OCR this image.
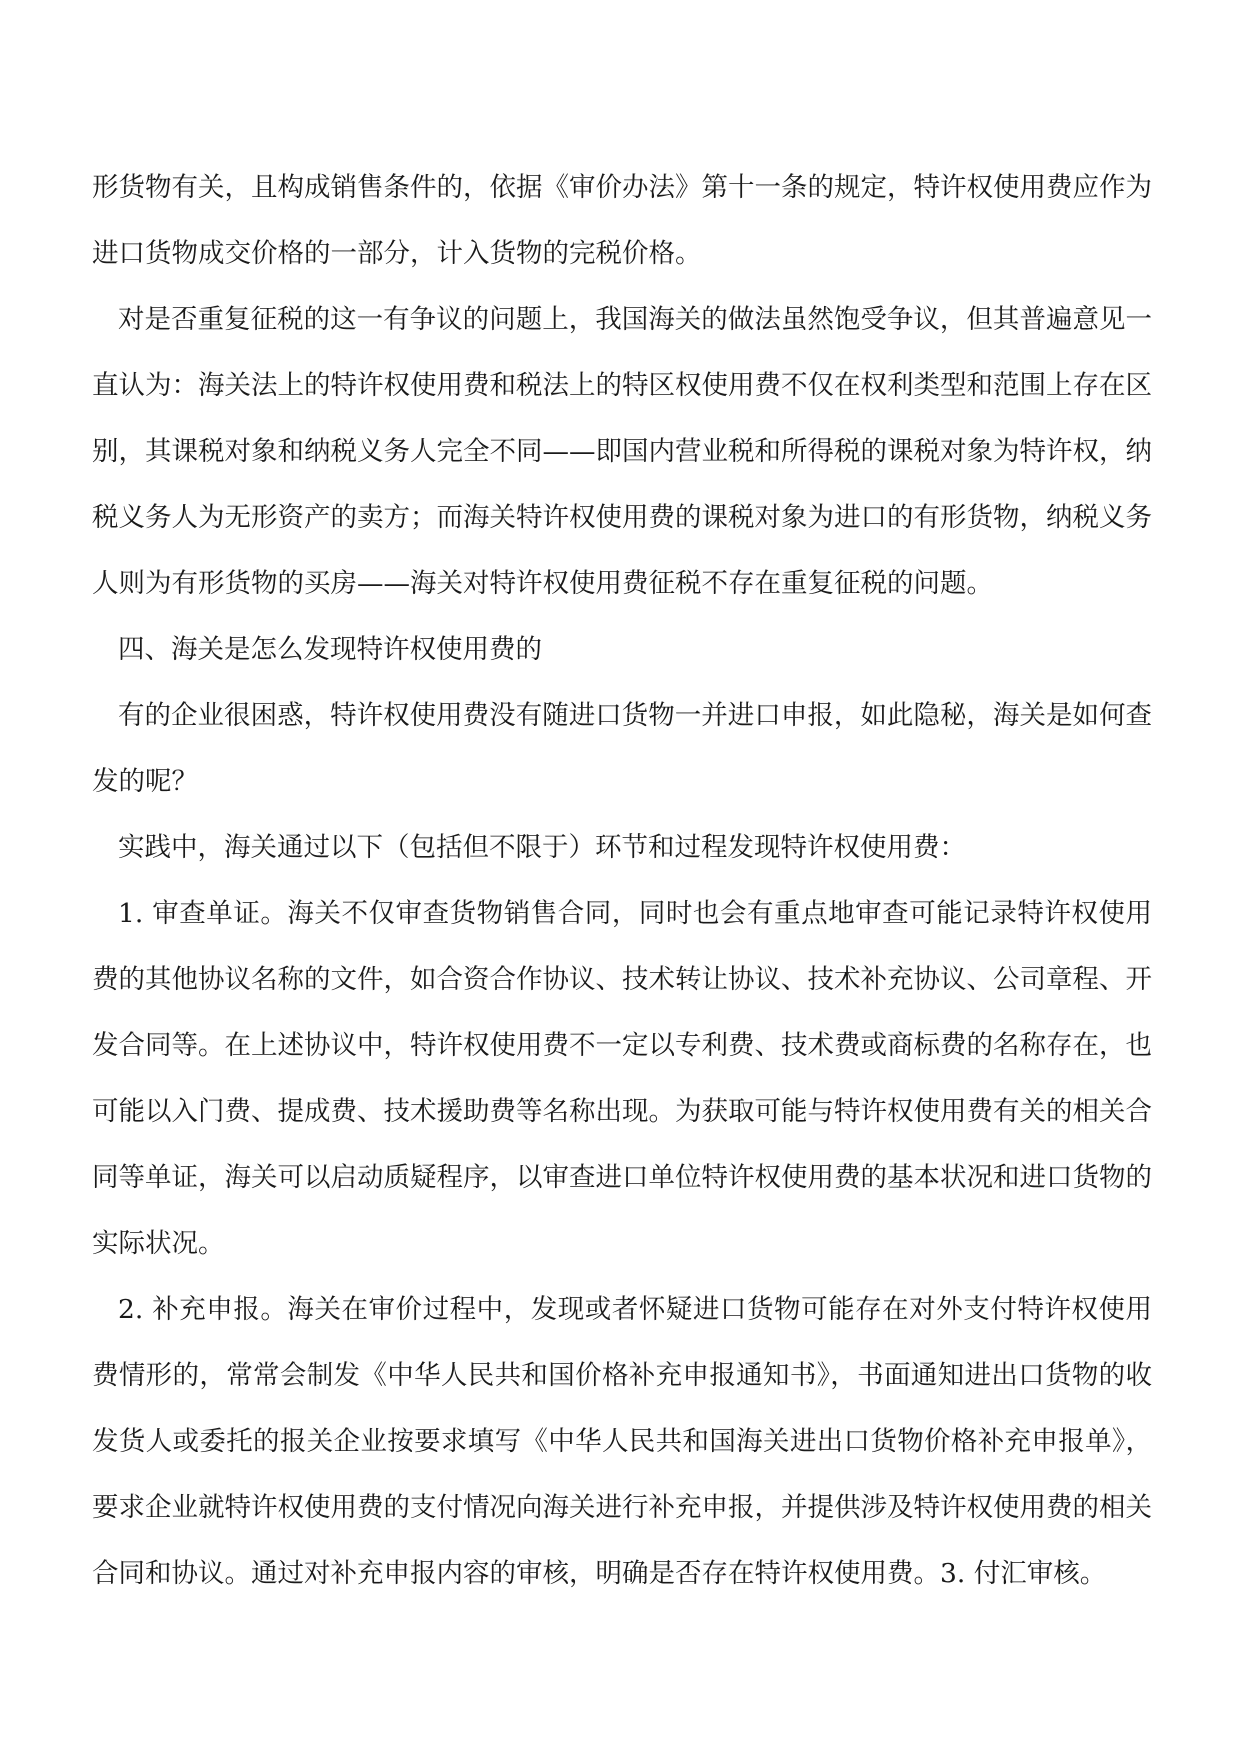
形货物有关，且构成销售条件的，依据《审价办法》第十一条的规定，特许权使用费应作为进口货物成交价格的一部分，计入货物的完税价格。

对是否重复征税的这一有争议的问题上，我国海关的做法虽然饱受争议，但其普遍意见一直认为：海关法上的特许权使用费和税法上的特区权使用费不仅在权利类型和范围上存在区别，其课税对象和纳税义务人完全不同——即国内营业税和所得税的课税对象为特许权，纳税义务人为无形资产的卖方；而海关特许权使用费的课税对象为进口的有形货物，纳税义务人则为有形货物的买房——海关对特许权使用费征税不存在重复征税的问题。

四、海关是怎么发现特许权使用费的

有的企业很困惑，特许权使用费没有随进口货物一并进口申报，如此隐秘，海关是如何查发的呢？

实践中，海关通过以下（包括但不限于）环节和过程发现特许权使用费：

1. 审查单证。海关不仅审查货物销售合同，同时也会有重点地审查可能记录特许权使用费的其他协议名称的文件，如合资合作协议、技术转让协议、技术补充协议、公司章程、开发合同等。在上述协议中，特许权使用费不一定以专利费、技术费或商标费的名称存在，也可能以入门费、提成费、技术援助费等名称出现。为获取可能与特许权使用费有关的相关合同等单证，海关可以启动质疑程序，以审查进口单位特许权使用费的基本状况和进口货物的实际状况。

2. 补充申报。海关在审价过程中，发现或者怀疑进口货物可能存在对外支付特许权使用费情形的，常常会制发《中华人民共和国价格补充申报通知书》，书面通知进出口货物的收发货人或委托的报关企业按要求填写《中华人民共和国海关进出口货物价格补充申报单》，要求企业就特许权使用费的支付情况向海关进行补充申报，并提供涉及特许权使用费的相关合同和协议。通过对补充申报内容的审核，明确是否存在特许权使用费。3. 付汇审核。
